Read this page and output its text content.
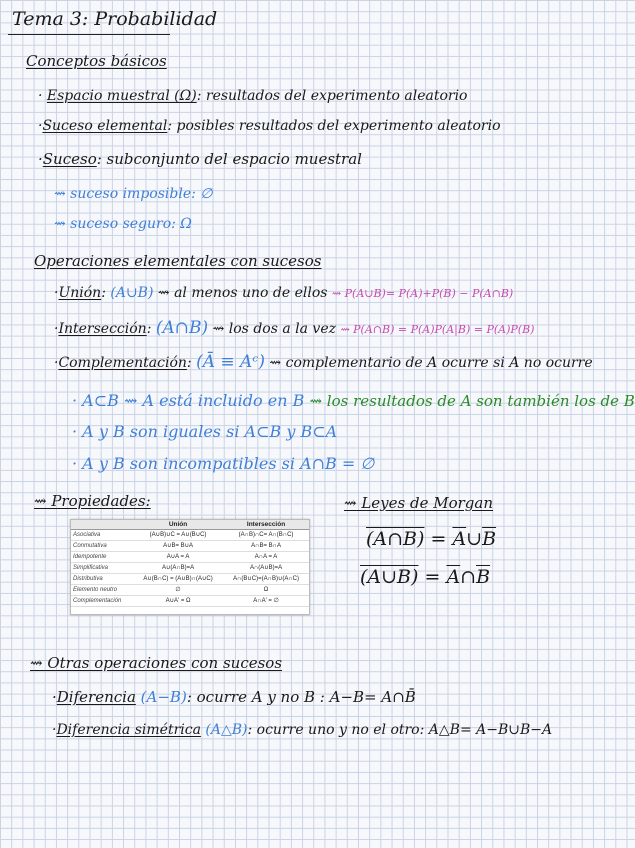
Tema 3: Probabilidad
Conceptos básicos
· Espacio muestral (Ω): resultados del experimento aleatorio
·Suceso elemental: posibles resultados del experimento aleatorio
·Suceso: subconjunto del espacio muestral
⇝ suceso imposible: ∅
⇝ suceso seguro: Ω
Operaciones elementales con sucesos
·Unión: (A∪B) ⇝ al menos uno de ellos ⇝ P(A∪B)= P(A)+P(B) − P(A∩B)
·Intersección: (A∩B) ⇝ los dos a la vez ⇝ P(A∩B) = P(A)P(A|B) = P(A)P(B)
·Complementación: (Ā ≡ Aᶜ) ⇝ complementario de A ocurre si A no ocurre
· A⊂B ⇝ A está incluido en B ⇝ los resultados de A son también los de B
· A y B son iguales si A⊂B y B⊂A
· A y B son incompatibles si A∩B = ∅
⇝ Propiedades:
	Unión	Intersección
Asociativa	(A∪B)∪C = A∪(B∪C)	(A∩B)∩C= A∩(B∩C)
Conmutativa	A∪B= B∪A	A∩B= B∩A
Idempotente	A∪A = A	A∩A = A
Simplificativa	A∪(A∩B)=A	A∩(A∪B)=A
Distributiva	A∪(B∩C) = (A∪B)∩(A∪C)	A∩(B∪C)=(A∩B)∪(A∩C)
Elemento neutro	∅	Ω
Complementación	A∪A' = Ω	A∩A' = ∅
⇝ Leyes de Morgan
(A∩B) = $\overline{A}\cup\overline{B}$
(A∪B) = $\overline{A}\cap\overline{B}$
⇝ Otras operaciones con sucesos
·Diferencia (A−B): ocurre A y no B : A−B= A∩B̄
·Diferencia simétrica (A△B): ocurre uno y no el otro: A△B= A−B∪B−A
